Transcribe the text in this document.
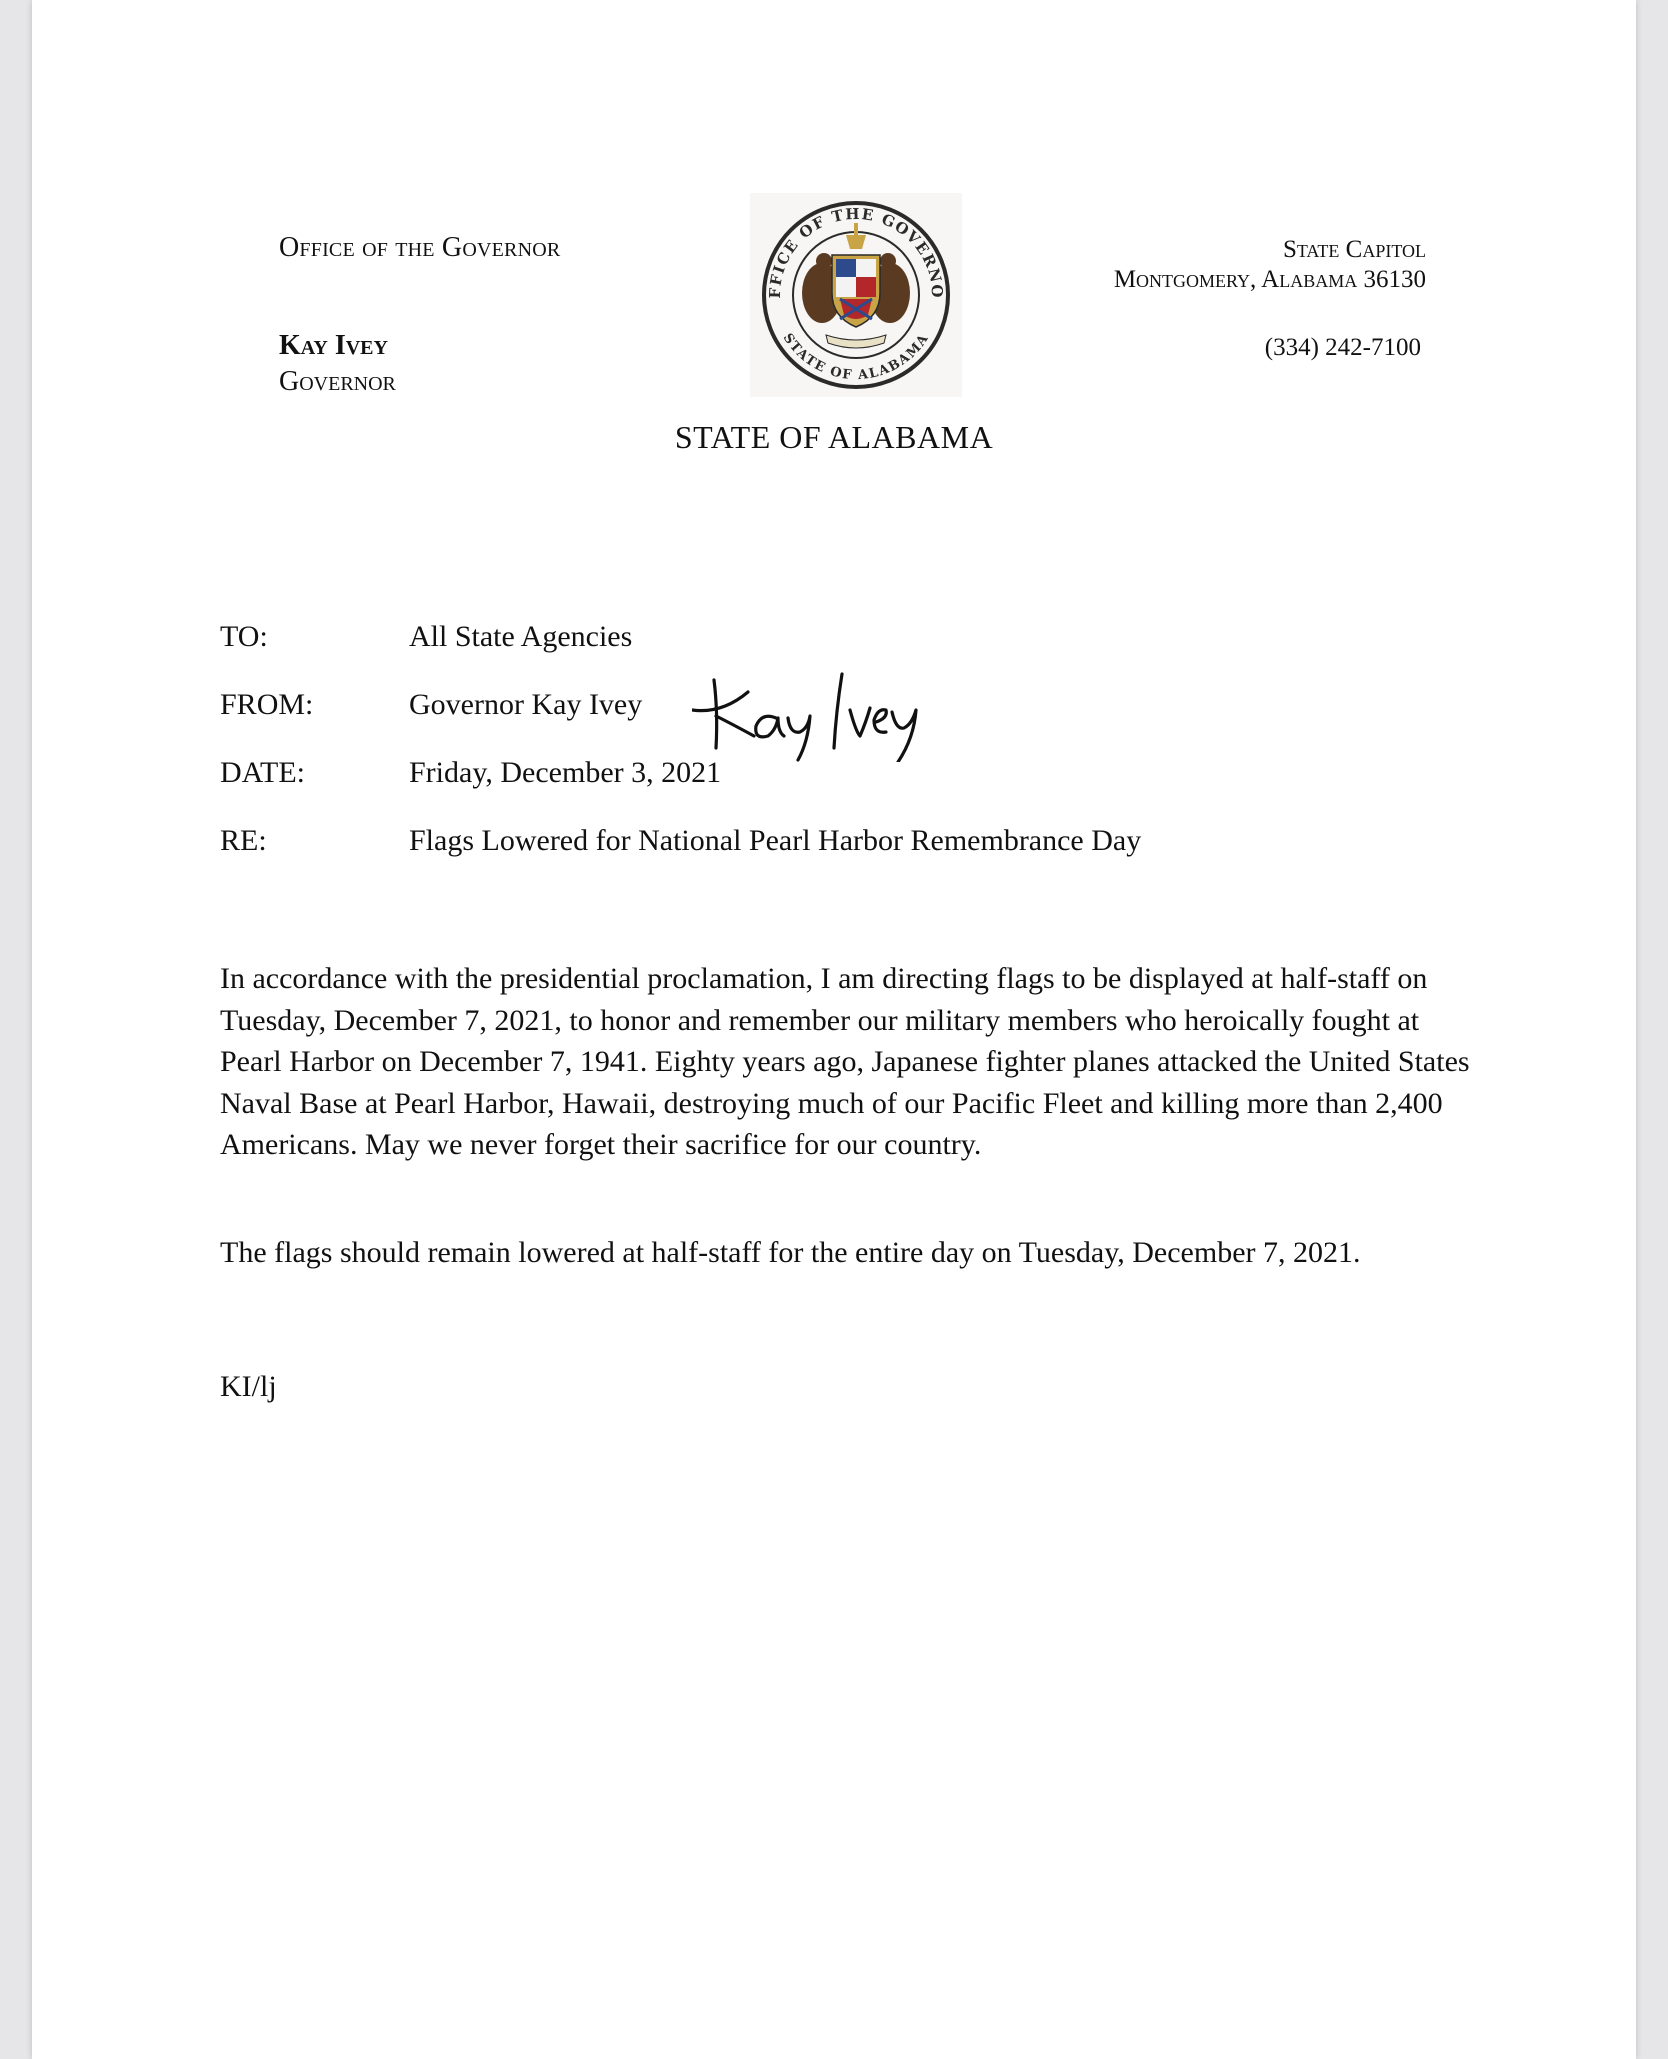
Office of the Governor
Kay Ivey
Governor
State Capitol
Montgomery, Alabama 36130
(334) 242-7100
FFICE OF THE GOVERNO
STATE OF ALABAMA
STATE OF ALABAMA
TO:	All State Agencies
FROM:	Governor Kay Ivey
DATE:	Friday, December 3, 2021
RE:	Flags Lowered for National Pearl Harbor Remembrance Day
In accordance with the presidential proclamation, I am directing flags to be displayed at half-staff on Tuesday, December 7, 2021, to honor and remember our military members who heroically fought at Pearl Harbor on December 7, 1941. Eighty years ago, Japanese fighter planes attacked the United States Naval Base at Pearl Harbor, Hawaii, destroying much of our Pacific Fleet and killing more than 2,400 Americans. May we never forget their sacrifice for our country.
The flags should remain lowered at half-staff for the entire day on Tuesday, December 7, 2021.
KI/lj
